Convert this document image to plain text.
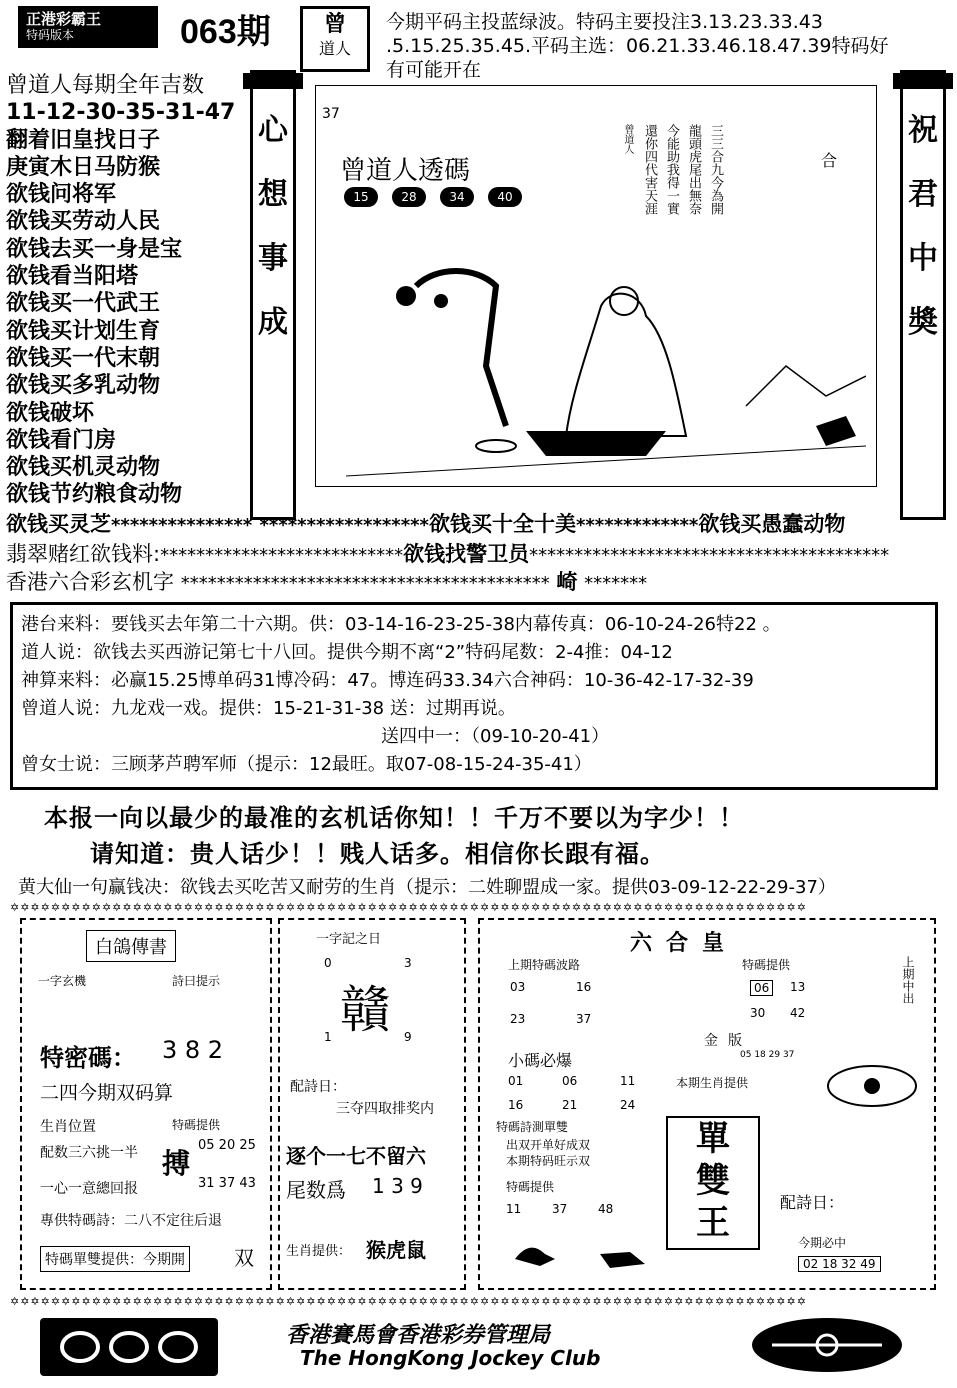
正港彩霸王
特码版本	063期	曾
道人
今期平码主投蓝绿波。特码主要投注3.13.23.33.43
.5.15.25.35.45.平码主选：06.21.33.46.18.47.39特码好
有可能开在
曾道人每期全年吉数
11-12-30-35-31-47
翻着旧皇找日子
庚寅木日马防猴
欲钱问将军
欲钱买劳动人民
欲钱去买一身是宝
欲钱看当阳塔
欲钱买一代武王
欲钱买计划生育
欲钱买一代末朝
欲钱买多乳动物
欲钱破坏
欲钱看门房
欲钱买机灵动物
欲钱节约粮食动物
心
想
事
成
祝
君
中
奬
37
曾道人透碼
15	28	34	40	三三合九今為開
龍頭虎尾出無奈
今能助我得一實
還你四代害天涯
曾道人
合
欲钱买灵芝*************** ******************欲钱买十全十美*************欲钱买愚蠢动物
翡翠赌红欲钱料:***************************欲钱找警卫员****************************************
香港六合彩玄机字 ***************************************** 崎 *******
港台来料：要钱买去年第二十六期。供：03-14-16-23-25-38内幕传真：06-10-24-26特22 。
道人说：欲钱去买西游记第七十八回。提供今期不离“2”特码尾数：2-4推：04-12
神算来料：必赢15.25博单码31博冷码：47。博连码33.34六合神码：10-36-42-17-32-39
曾道人说：九龙戏一戏。提供：15-21-31-38 送：过期再说。
送四中一：（09-10-20-41）
曾女士说：三顾茅芦聘军师（提示：12最旺。取07-08-15-24-35-41）
本报一向以最少的最准的玄机话你知！！千万不要以为字少！！
请知道：贵人话少！！贱人话多。相信你长跟有福。
黄大仙一句赢钱决：欲钱去买吃苦又耐劳的生肖（提示：二姓聊盟成一家。提供03-09-12-22-29-37）
✡✡✡✡✡✡✡✡✡✡✡✡✡✡✡✡✡✡✡✡✡✡✡✡✡✡✡✡✡✡✡✡✡✡✡✡✡✡✡✡✡✡✡✡✡✡✡✡✡✡✡✡✡✡✡✡✡✡✡✡✡✡✡✡✡✡✡✡✡✡✡✡✡✡✡✡✡✡
白鴿傳書
一字玄機	詩曰提示
特密碼： 3 8 2
二四今期双码算
生肖位置
配数三六挑一半
一心一意總回报
特碼提供
搏
05 20 25
31 37 43
專供特碼詩：二八不定往后退
特碼單雙提供：今期開 双
一字記之日
0	3
贛
1	9
配詩日：
三夺四取排奖内
逐个一七不留六
尾数爲 1 3 9
生肖提供： 猴虎鼠
六合皇
上期特碼波路
03	16
23	37
特碼提供
06	13
30 42
上期中出
金版
小碼必爆	05 18 29 37
01	06	11
16	21	24
本期生肖提供
特碼詩測單雙
出双开单好成双
本期特码旺示双
特碼提供
11	37	48
單
雙
王
配詩日：
今期必中
02 18 32 49
✡✡✡✡✡✡✡✡✡✡✡✡✡✡✡✡✡✡✡✡✡✡✡✡✡✡✡✡✡✡✡✡✡✡✡✡✡✡✡✡✡✡✡✡✡✡✡✡✡✡✡✡✡✡✡✡✡✡✡✡✡✡✡✡✡✡✡✡✡✡✡✡✡✡✡✡✡✡
香港賽馬會香港彩券管理局
The HongKong Jockey Club
